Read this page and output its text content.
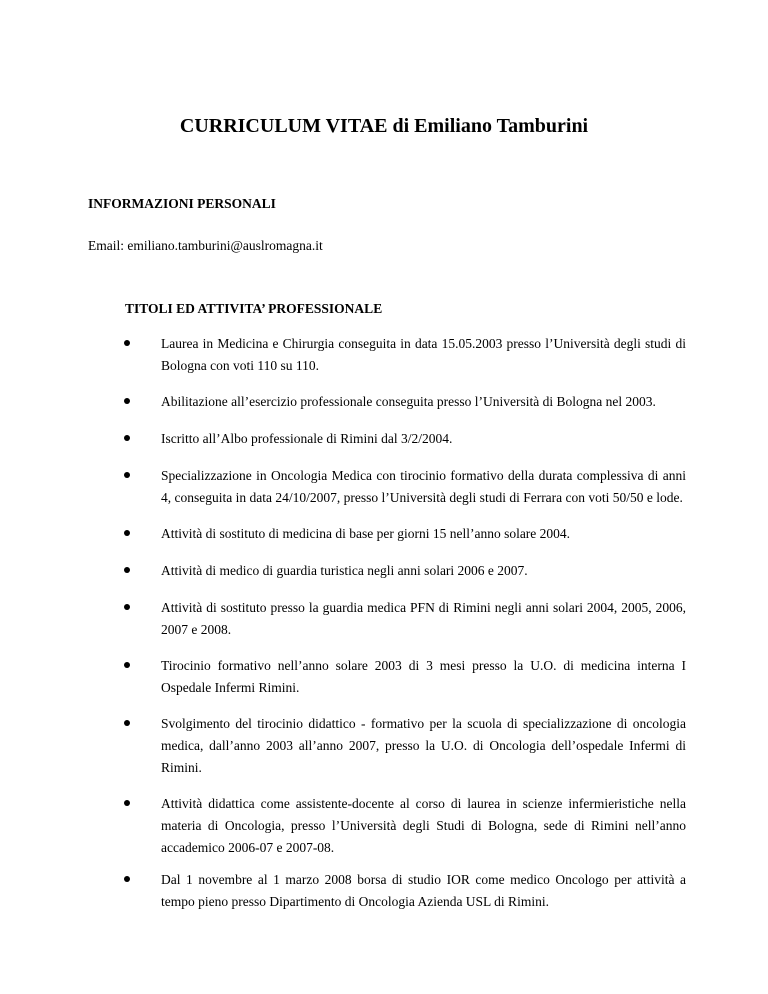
CURRICULUM VITAE di Emiliano Tamburini
INFORMAZIONI PERSONALI

Email: emiliano.tamburini@auslromagna.it

TITOLI ED ATTIVITA’ PROFESSIONALE
Laurea in Medicina e Chirurgia conseguita in data 15.05.2003 presso l’Università degli studi di Bologna con voti 110 su 110.
Abilitazione all’esercizio professionale conseguita presso l’Università di Bologna nel 2003.
Iscritto all’Albo professionale di Rimini dal 3/2/2004.
Specializzazione in Oncologia Medica con tirocinio formativo della durata complessiva di anni 4, conseguita in data 24/10/2007, presso l’Università degli studi di Ferrara con voti 50/50 e lode.
Attività di sostituto di medicina di base per giorni 15 nell’anno solare 2004.
Attività di medico di guardia turistica negli anni solari 2006 e 2007.
Attività di sostituto presso la guardia medica PFN di Rimini negli anni solari 2004, 2005, 2006, 2007 e 2008.
Tirocinio formativo nell’anno solare 2003 di 3 mesi presso la U.O. di medicina interna I Ospedale Infermi Rimini.
Svolgimento del tirocinio didattico - formativo per la scuola di specializzazione di oncologia medica, dall’anno 2003 all’anno 2007, presso la U.O. di Oncologia dell’ospedale Infermi di Rimini.
Attività didattica come assistente-docente al corso di laurea in scienze infermieristiche nella materia di Oncologia, presso l’Università degli Studi di Bologna, sede di Rimini nell’anno accademico 2006-07 e 2007-08.
Dal 1 novembre al 1 marzo 2008 borsa di studio IOR come medico Oncologo per attività a tempo pieno presso Dipartimento di Oncologia Azienda USL di Rimini.
